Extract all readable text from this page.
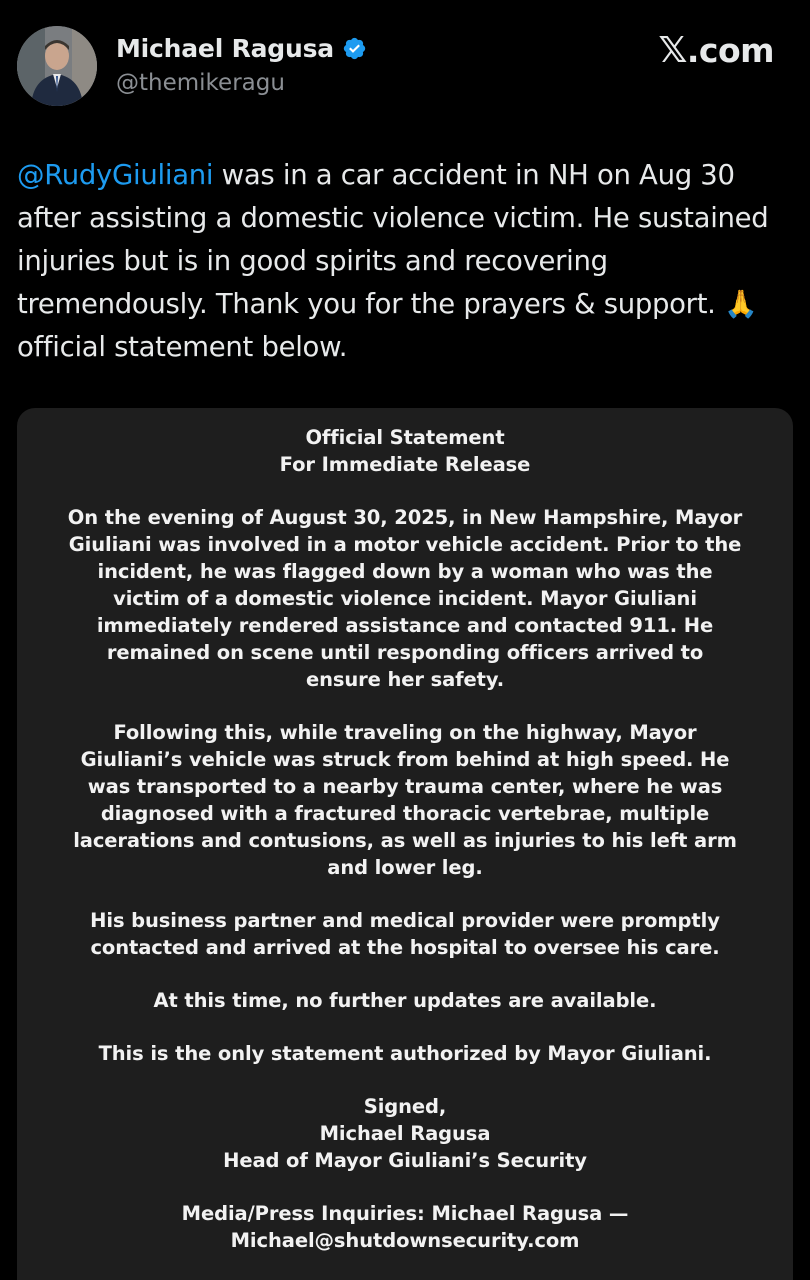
Michael Ragusa
@themikeragu
𝕏 .com
@RudyGiuliani was in a car accident in NH on Aug 30
after assisting a domestic violence victim. He sustained
injuries but is in good spirits and recovering
tremendously. Thank you for the prayers & support. 🙏
official statement below.

Official Statement
For Immediate Release

On the evening of August 30, 2025, in New Hampshire, Mayor
Giuliani was involved in a motor vehicle accident. Prior to the
incident, he was flagged down by a woman who was the
victim of a domestic violence incident. Mayor Giuliani
immediately rendered assistance and contacted 911. He
remained on scene until responding officers arrived to
ensure her safety.

Following this, while traveling on the highway, Mayor
Giuliani’s vehicle was struck from behind at high speed. He
was transported to a nearby trauma center, where he was
diagnosed with a fractured thoracic vertebrae, multiple
lacerations and contusions, as well as injuries to his left arm
and lower leg.

His business partner and medical provider were promptly
contacted and arrived at the hospital to oversee his care.

At this time, no further updates are available.

This is the only statement authorized by Mayor Giuliani.

Signed,
Michael Ragusa
Head of Mayor Giuliani’s Security

Media/Press Inquiries: Michael Ragusa —
Michael@shutdownsecurity.com
